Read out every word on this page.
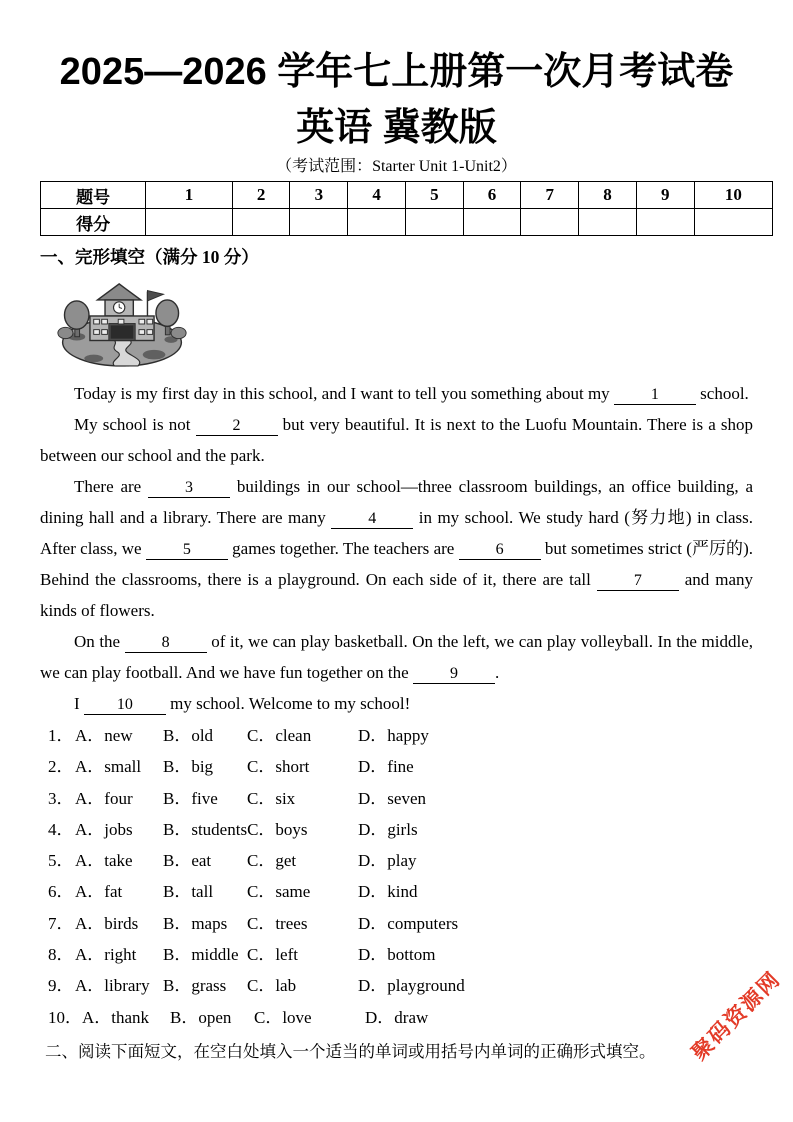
2025—2026 学年七上册第一次月考试卷
英语 冀教版
（考试范围：Starter Unit 1-Unit2）
题号	1	2	3	4	5	6	7	8	9	10
得分										
一、完形填空（满分 10 分）

Today is my first day in this school, and I want to tell you something about my 1 school.

My school is not 2 but very beautiful. It is next to the Luofu Mountain. There is a shop between our school and the park.

There are 3 buildings in our school—three classroom buildings, an office building, a dining hall and a library. There are many 4 in my school. We study hard (努力地) in class. After class, we 5 games together. The teachers are 6 but sometimes strict (严厉的). Behind the classrooms, there is a playground. On each side of it, there are tall 7 and many kinds of flowers.

On the 8 of it, we can play basketball. On the left, we can play volleyball. In the middle, we can play football. And we have fun together on the 9 .

I 10 my school. Welcome to my school!

1．A．new B．old C．clean	D．happy
2．A．small B．big C．short	D．fine
3．A．four B．five C．six	D．seven
4．A．jobs B．studentsC．boys	D．girls
5．A．take B．eat C．get	D．play
6．A．fat B．tall C．same	D．kind
7．A．birds B．maps C．trees	D．computers
8．A．right B．middle C．left	D．bottom
9．A．library B．grass C．lab	D．playground
10．A．thank B．open C．love	D．draw
二、阅读下面短文，在空白处填入一个适当的单词或用括号内单词的正确形式填空。	聚码资源网
